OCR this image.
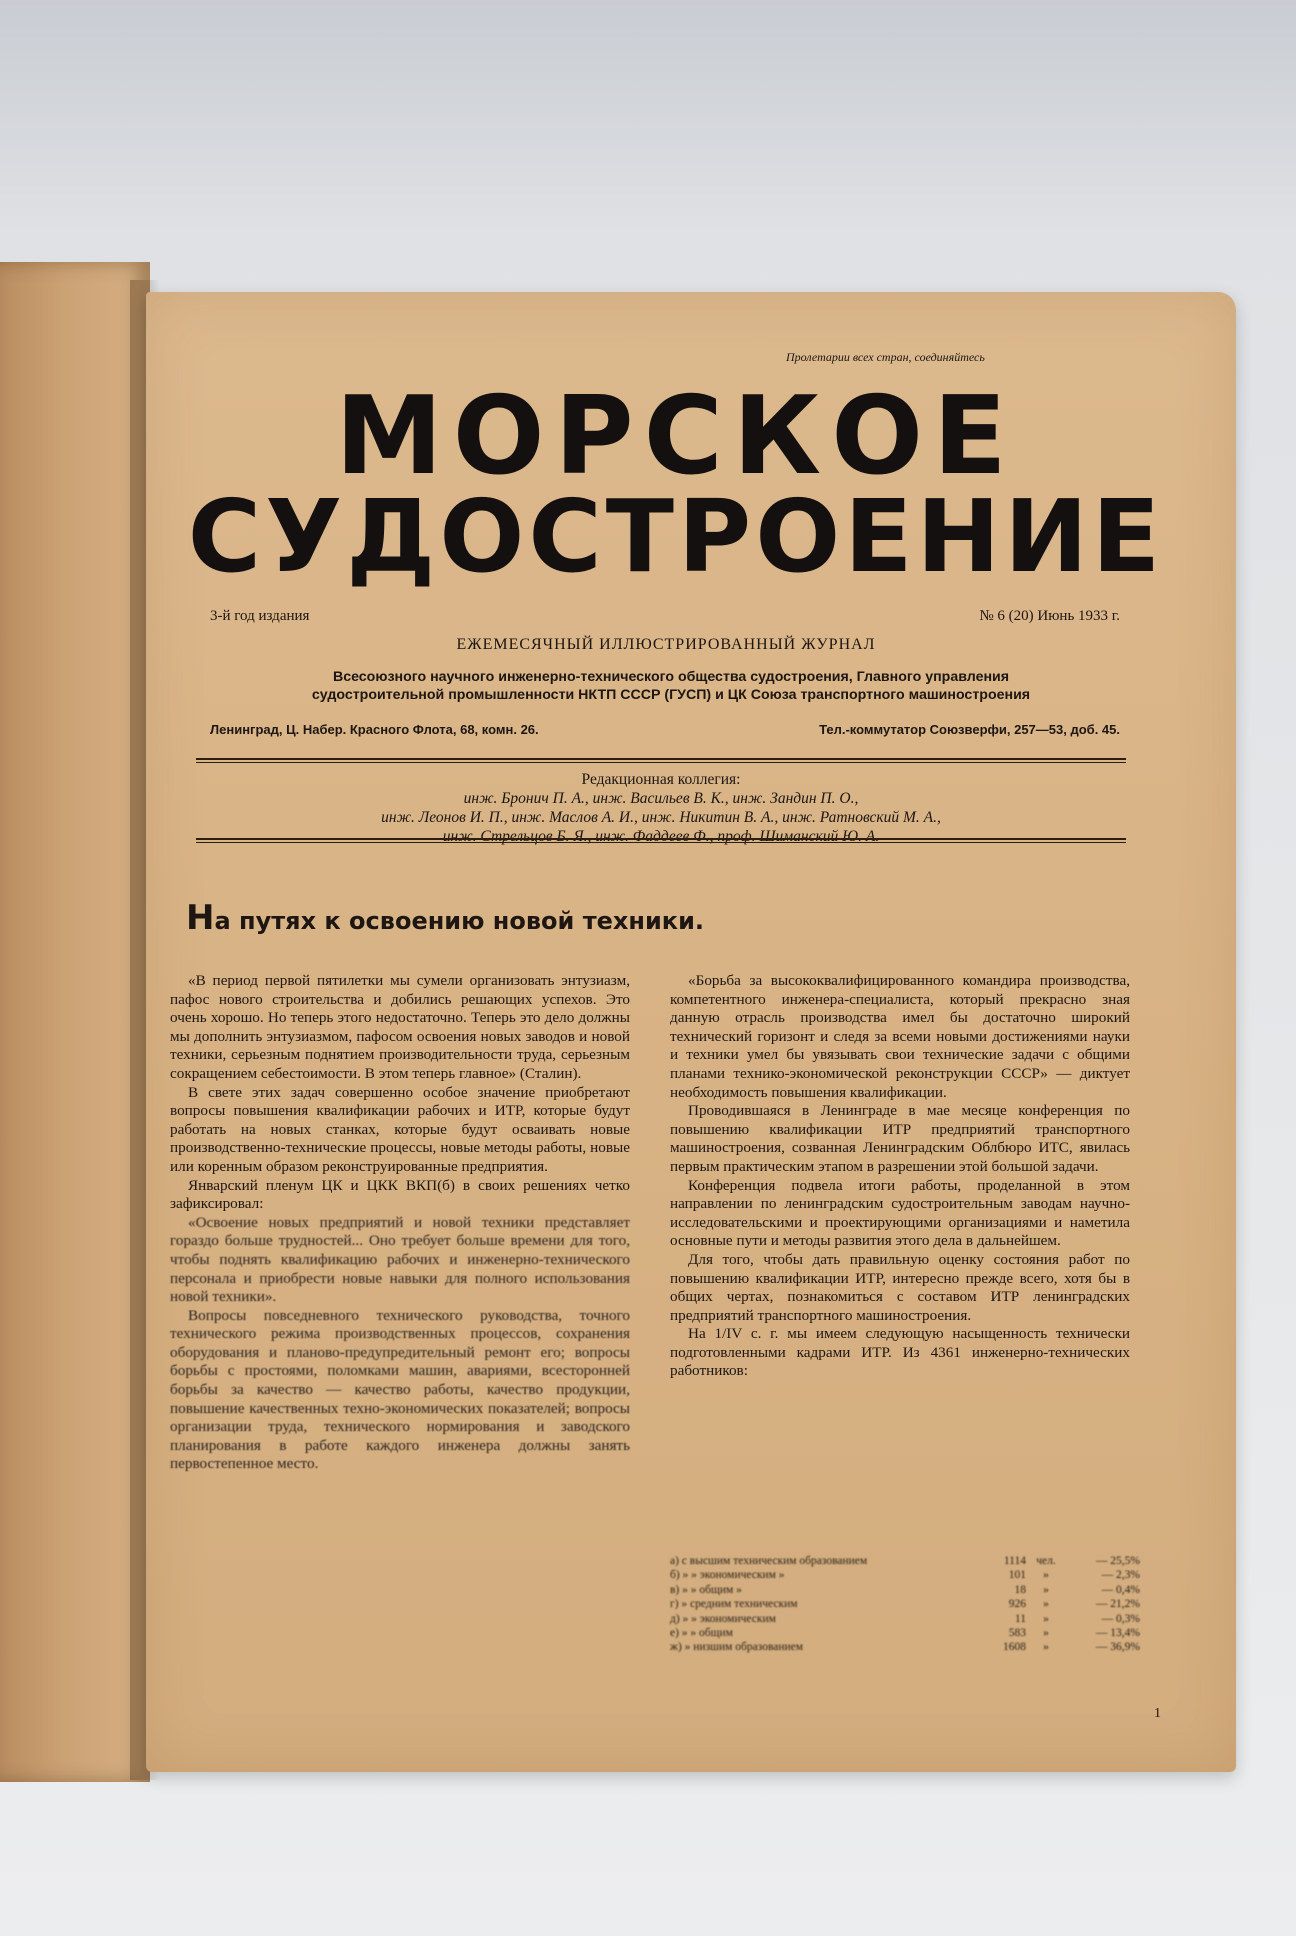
Пролетарии всех стран, соединяйтесь
МОРСКОЕ
СУДОСТРОЕНИЕ
3-й год издания	№ 6 (20) Июнь 1933 г.
ЕЖЕМЕСЯЧНЫЙ ИЛЛЮСТРИРОВАННЫЙ ЖУРНАЛ
Всесоюзного научного инженерно-технического общества судостроения, Главного управления
судостроительной промышленности НКТП СССР (ГУСП) и ЦК Союза транспортного машиностроения
Ленинград, Ц. Набер. Красного Флота, 68, комн. 26.	Тел.-коммутатор Союзверфи, 257—53, доб. 45.
Редакционная коллегия:
инж. Бронич П. А., инж. Васильев В. К., инж. Зандин П. О.,
инж. Леонов И. П., инж. Маслов А. И., инж. Никитин В. А., инж. Ратновский М. А.,
инж. Стрельцов Б. Я., инж. Фаддеев Ф., проф. Шиманский Ю. А.
На путях к освоению новой техники.

«В период первой пятилетки мы сумели организовать энтузиазм, пафос нового строительства и добились решающих успехов. Это очень хорошо. Но теперь этого недостаточно. Теперь это дело должны мы дополнить энтузиазмом, пафосом освоения новых заводов и новой техники, серьезным поднятием производительности труда, серьезным сокращением себестоимости. В этом теперь главное» (Сталин).

В свете этих задач совершенно особое значение приобретают вопросы повышения квалификации рабочих и ИТР, которые будут работать на новых станках, которые будут осваивать новые производственно-технические процессы, новые методы работы, новые или коренным образом реконструированные предприятия.

Январский пленум ЦК и ЦКК ВКП(б) в своих решениях четко зафиксировал:

«Освоение новых предприятий и новой техники представляет гораздо больше трудностей... Оно требует больше времени для того, чтобы поднять квалификацию рабочих и инженерно-технического персонала и приобрести новые навыки для полного использования новой техники».

Вопросы повседневного технического руководства, точного технического режима производственных процессов, сохранения оборудования и планово-предупредительный ремонт его; вопросы борьбы с простоями, поломками машин, авариями, всесторонней борьбы за качество — качество работы, качество продукции, повышение качественных техно-экономических показателей; вопросы организации труда, технического нормирования и заводского планирования в работе каждого инженера должны занять первостепенное место.

«Борьба за высококвалифицированного командира производства, компетентного инженера-специалиста, который прекрасно зная данную отрасль производства имел бы достаточно широкий технический горизонт и следя за всеми новыми достижениями науки и техники умел бы увязывать свои технические задачи с общими планами технико-экономической реконструкции СССР» — диктует необходимость повышения квалификации.

Проводившаяся в Ленинграде в мае месяце конференция по повышению квалификации ИТР предприятий транспортного машиностроения, созванная Ленинградским Облбюро ИТС, явилась первым практическим этапом в разрешении этой большой задачи.

Конференция подвела итоги работы, проделанной в этом направлении по ленинградским судостроительным заводам научно-исследовательскими и проектирующими организациями и наметила основные пути и методы развития этого дела в дальнейшем.

Для того, чтобы дать правильную оценку состояния работ по повышению квалификации ИТР, интересно прежде всего, хотя бы в общих чертах, познакомиться с составом ИТР ленинградских предприятий транспортного машиностроения.

На 1/IV с. г. мы имеем следующую насыщенность технически подготовленными кадрами ИТР. Из 4361 инженерно-технических работников:

а) с высшим техническим образованием	1114 чел.	— 25,5%
б) » » экономическим »	101	»	— 2,3%
в) » » общим »	18	»	— 0,4%
г) » средним техническим	926	»	— 21,2%
д) » » экономическим	11	»	— 0,3%
е) » » общим	583	»	— 13,4%
ж) » низшим образованием	1608	»	— 36,9%
1
